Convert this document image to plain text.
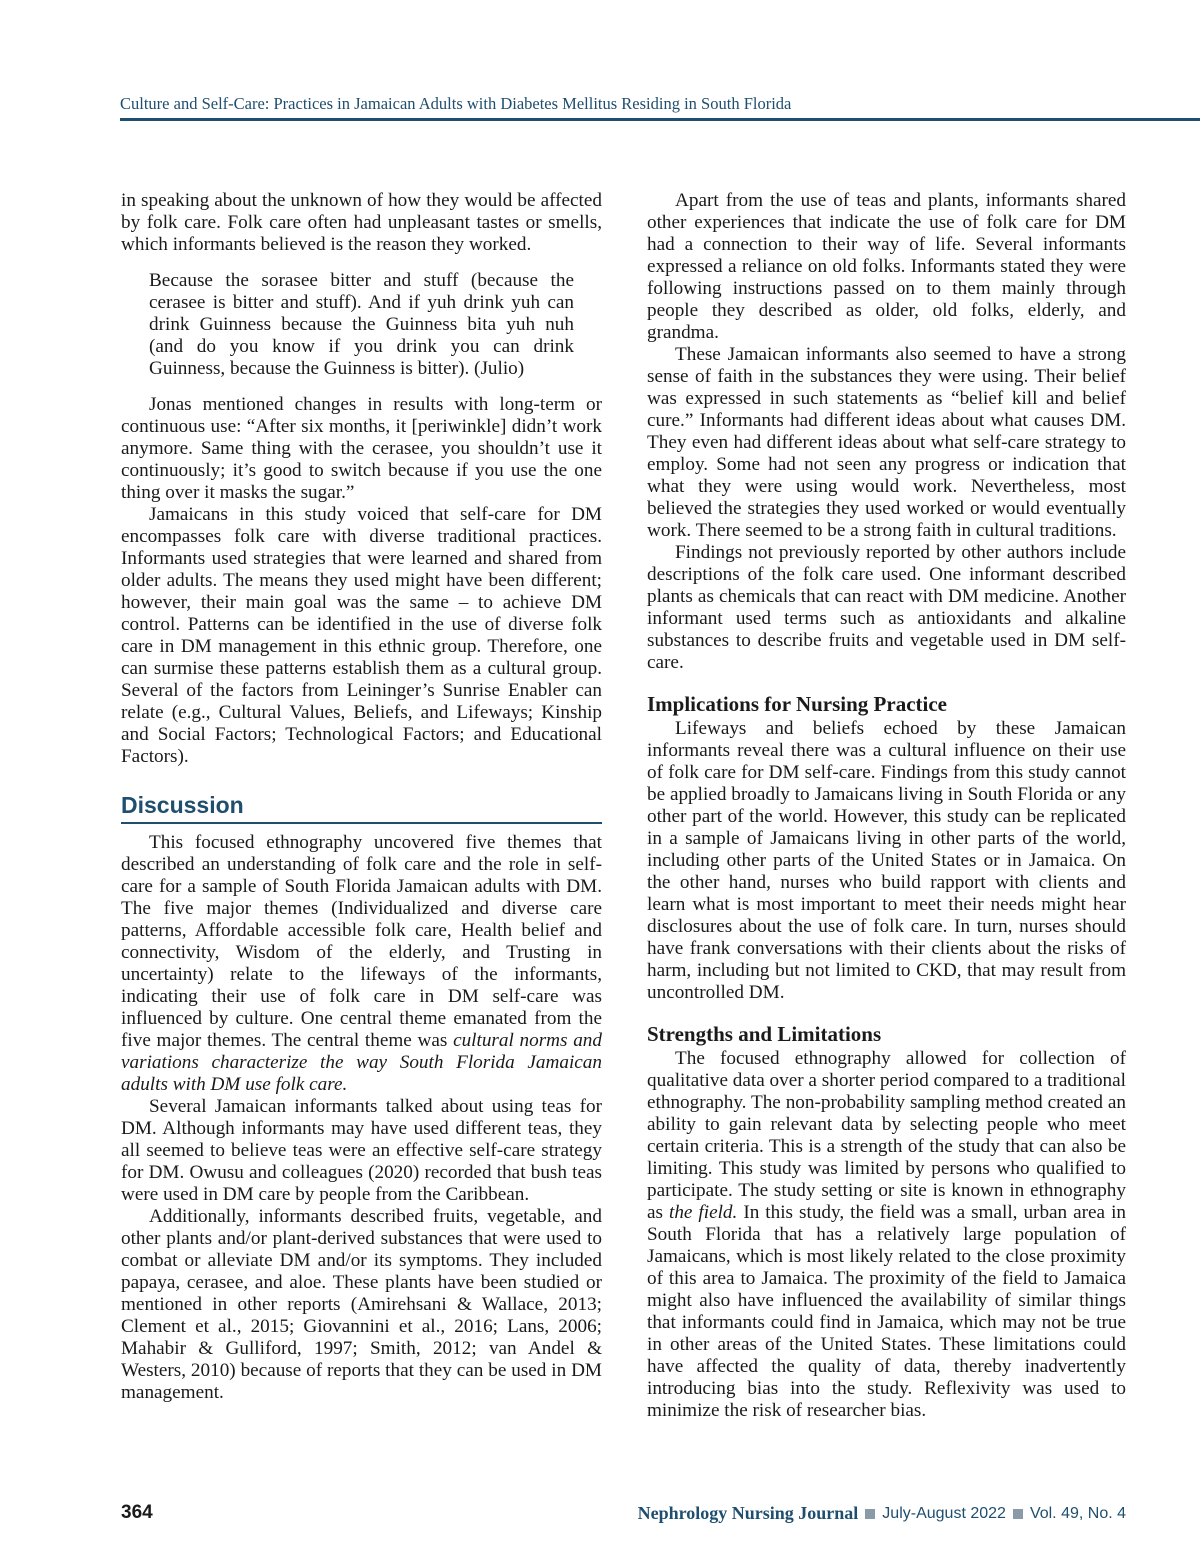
Culture and Self-Care: Practices in Jamaican Adults with Diabetes Mellitus Residing in South Florida

in speaking about the unknown of how they would be affected by folk care. Folk care often had unpleasant tastes or smells, which informants believed is the reason they worked.

Because the sorasee bitter and stuff (because the cerasee is bitter and stuff). And if yuh drink yuh can drink Guinness because the Guinness bita yuh nuh (and do you know if you drink you can drink Guinness, because the Guinness is bitter). (Julio)

Jonas mentioned changes in results with long-term or continuous use: “After six months, it [periwinkle] didn’t work anymore. Same thing with the cerasee, you shouldn’t use it continuously; it’s good to switch because if you use the one thing over it masks the sugar.”

Jamaicans in this study voiced that self-care for DM encompasses folk care with diverse traditional practices. Informants used strategies that were learned and shared from older adults. The means they used might have been different; however, their main goal was the same – to achieve DM control. Patterns can be identified in the use of diverse folk care in DM management in this ethnic group. Therefore, one can surmise these patterns establish them as a cultural group. Several of the factors from Leininger’s Sunrise Enabler can relate (e.g., Cultural Values, Beliefs, and Lifeways; Kinship and Social Factors; Technological Factors; and Educational Factors).

Discussion

This focused ethnography uncovered five themes that described an understanding of folk care and the role in self-care for a sample of South Florida Jamaican adults with DM. The five major themes (Individualized and diverse care patterns, Affordable accessible folk care, Health belief and connectivity, Wisdom of the elderly, and Trusting in uncertainty) relate to the lifeways of the informants, indicating their use of folk care in DM self-care was influenced by culture. One central theme emanated from the five major themes. The central theme was cultural norms and variations characterize the way South Florida Jamaican adults with DM use folk care.

Several Jamaican informants talked about using teas for DM. Although informants may have used different teas, they all seemed to believe teas were an effective self-care strategy for DM. Owusu and colleagues (2020) recorded that bush teas were used in DM care by people from the Caribbean.

Additionally, informants described fruits, vegetable, and other plants and/or plant-derived substances that were used to combat or alleviate DM and/or its symptoms. They included papaya, cerasee, and aloe. These plants have been studied or mentioned in other reports (Amirehsani & Wallace, 2013; Clement et al., 2015; Giovannini et al., 2016; Lans, 2006; Mahabir & Gulliford, 1997; Smith, 2012; van Andel & Westers, 2010) because of reports that they can be used in DM management.

Apart from the use of teas and plants, informants shared other experiences that indicate the use of folk care for DM had a connection to their way of life. Several informants expressed a reliance on old folks. Informants stated they were following instructions passed on to them mainly through people they described as older, old folks, elderly, and grandma.

These Jamaican informants also seemed to have a strong sense of faith in the substances they were using. Their belief was expressed in such statements as “belief kill and belief cure.” Informants had different ideas about what causes DM. They even had different ideas about what self-care strategy to employ. Some had not seen any progress or indication that what they were using would work. Nevertheless, most believed the strategies they used worked or would eventually work. There seemed to be a strong faith in cultural traditions.

Findings not previously reported by other authors include descriptions of the folk care used. One informant described plants as chemicals that can react with DM medicine. Another informant used terms such as antioxidants and alkaline substances to describe fruits and vegetable used in DM self-care.

Implications for Nursing Practice

Lifeways and beliefs echoed by these Jamaican informants reveal there was a cultural influence on their use of folk care for DM self-care. Findings from this study cannot be applied broadly to Jamaicans living in South Florida or any other part of the world. However, this study can be replicated in a sample of Jamaicans living in other parts of the world, including other parts of the United States or in Jamaica. On the other hand, nurses who build rapport with clients and learn what is most important to meet their needs might hear disclosures about the use of folk care. In turn, nurses should have frank conversations with their clients about the risks of harm, including but not limited to CKD, that may result from uncontrolled DM.

Strengths and Limitations

The focused ethnography allowed for collection of qualitative data over a shorter period compared to a traditional ethnography. The non-probability sampling method created an ability to gain relevant data by selecting people who meet certain criteria. This is a strength of the study that can also be limiting. This study was limited by persons who qualified to participate. The study setting or site is known in ethnography as the field. In this study, the field was a small, urban area in South Florida that has a relatively large population of Jamaicans, which is most likely related to the close proximity of this area to Jamaica. The proximity of the field to Jamaica might also have influenced the availability of similar things that informants could find in Jamaica, which may not be true in other areas of the United States. These limitations could have affected the quality of data, thereby inadvertently introducing bias into the study. Reflexivity was used to minimize the risk of researcher bias.

364	Nephrology Nursing Journal July-August 2022 Vol. 49, No. 4
